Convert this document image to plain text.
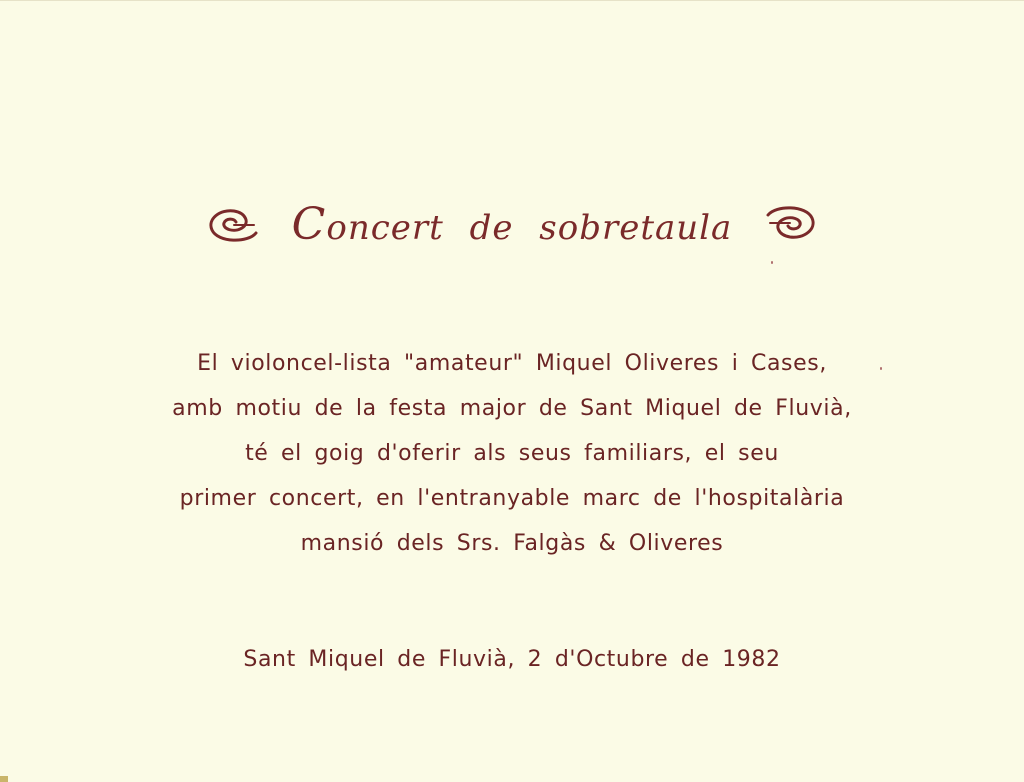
Concert de sobretaula
El violoncel-lista "amateur" Miquel Oliveres i Cases,
amb motiu de la festa major de Sant Miquel de Fluvià,
té el goig d'oferir als seus familiars, el seu
primer concert, en l'entranyable marc de l'hospitalària
mansió dels Srs. Falgàs & Oliveres
Sant Miquel de Fluvià, 2 d'Octubre de 1982
